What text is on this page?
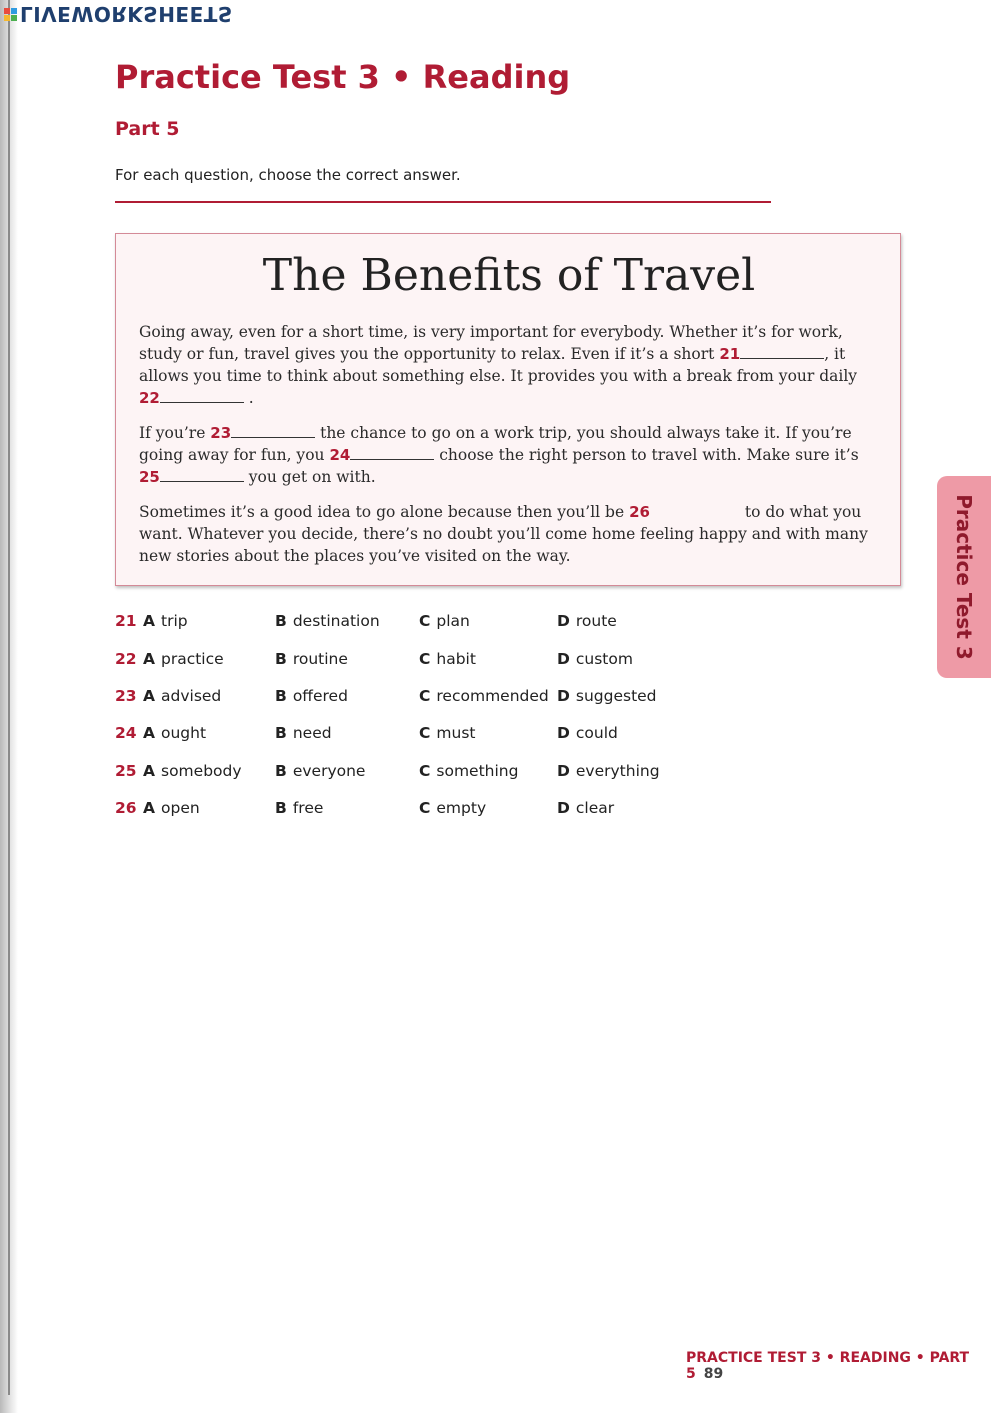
LIVEWORKSHEETS
Practice Test 3 • Reading
Part 5
For each question, choose the correct answer.
The Benefits of Travel

Going away, even for a short time, is very important for everybody. Whether it’s for work, study or fun, travel gives you the opportunity to relax. Even if it’s a short 21	, it allows you time to think about something else. It provides you with a break from your daily 22	.

If you’re 23	the chance to go on a work trip, you should always take it. If you’re going away for fun, you 24	choose the right person to travel with. Make sure it’s 25	you get on with.

Sometimes it’s a good idea to go alone because then you’ll be 26	to do what you want. Whatever you decide, there’s no doubt you’ll come home feeling happy and with many new stories about the places you’ve visited on the way.

21 A trip	B destination	C plan	D route
22 A practice	B routine	C habit	D custom
23 A advised	B offered	C recommended D suggested
24 A ought	B need	C must	D could
25 A somebody B everyone	C something D everything
26 A open	B free	C empty	D clear
Practice Test 3
PRACTICE TEST 3 • READING • PART 5 89
